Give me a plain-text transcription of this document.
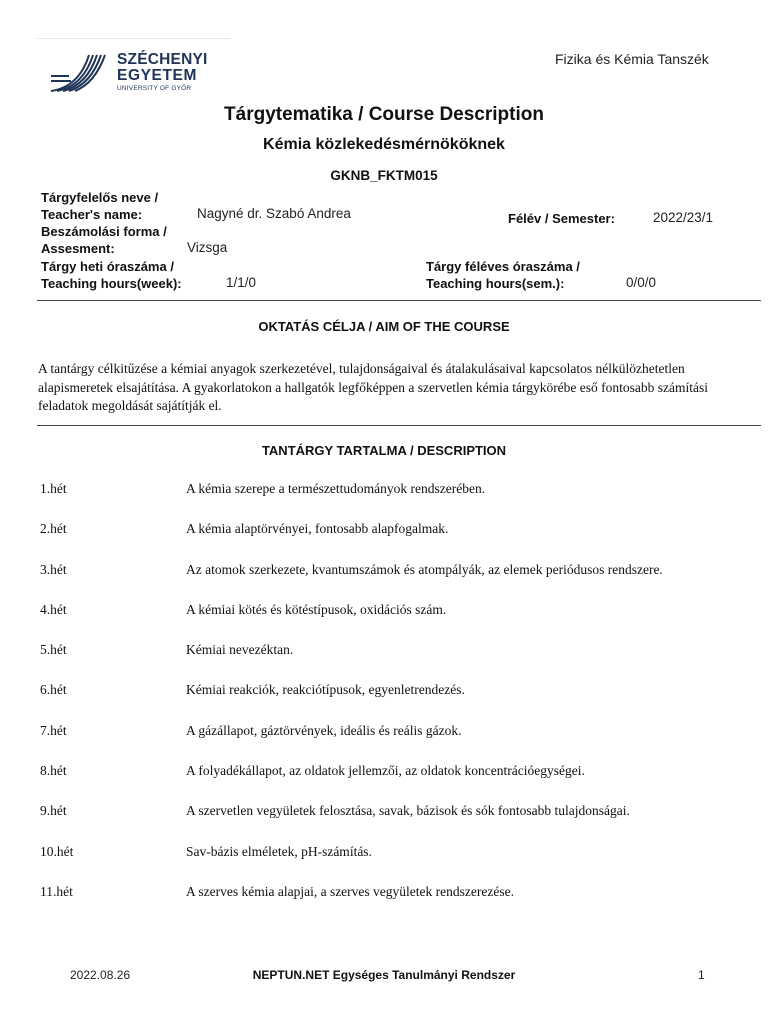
SZÉCHENYI
EGYETEM
UNIVERSITY OF GYŐR
Fizika és Kémia Tanszék
Tárgytematika / Course Description
Kémia közlekedésmérnököknek
GKNB_FKTM015
Tárgyfelelős neve /
Teacher's name:	Nagyné dr. Szabó Andrea	Félév / Semester:	2022/23/1
Beszámolási forma /
Assesment:	Vizsga
Tárgy heti óraszáma /
Teaching hours(week):	1/1/0
Tárgy féléves óraszáma /
Teaching hours(sem.):	0/0/0
OKTATÁS CÉLJA / AIM OF THE COURSE
A tantárgy célkitűzése a kémiai anyagok szerkezetével, tulajdonságaival és átalakulásaival kapcsolatos nélkülözhetetlen alapismeretek elsajátítása. A gyakorlatokon a hallgatók legfőképpen a szervetlen kémia tárgykörébe eső fontosabb számítási feladatok megoldását sajátítják el.
TANTÁRGY TARTALMA / DESCRIPTION
1.hét	A kémia szerepe a természettudományok rendszerében.
2.hét	A kémia alaptörvényei, fontosabb alapfogalmak.
3.hét	Az atomok szerkezete, kvantumszámok és atompályák, az elemek periódusos rendszere.
4.hét	A kémiai kötés és kötéstípusok, oxidációs szám.
5.hét	Kémiai nevezéktan.
6.hét	Kémiai reakciók, reakciótípusok, egyenletrendezés.
7.hét	A gázállapot, gáztörvények, ideális és reális gázok.
8.hét	A folyadékállapot, az oldatok jellemzői, az oldatok koncentrációegységei.
9.hét	A szervetlen vegyületek felosztása, savak, bázisok és sók fontosabb tulajdonságai.
10.hét	Sav-bázis elméletek, pH-számítás.
11.hét	A szerves kémia alapjai, a szerves vegyületek rendszerezése.
2022.08.26	NEPTUN.NET Egységes Tanulmányi Rendszer	1
